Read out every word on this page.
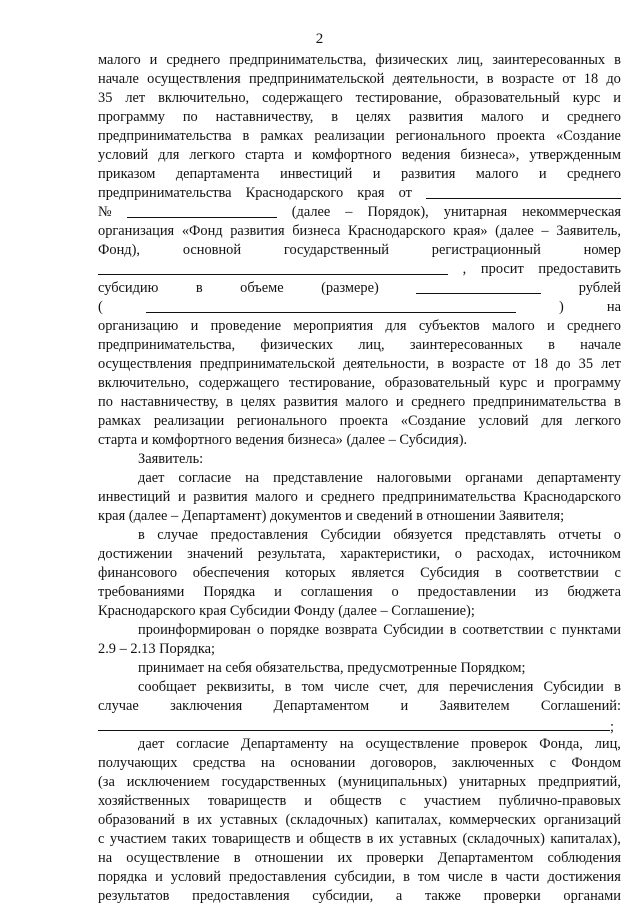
2
малого и среднего предпринимательства, физических лиц, заинтересованных в
начале осуществления предпринимательской деятельности, в возрасте от 18 до
35 лет включительно, содержащего тестирование, образовательный курс и
программу по наставничеству, в целях развития малого и среднего
предпринимательства в рамках реализации регионального проекта «Создание
условий для легкого старта и комфортного ведения бизнеса», утвержденным
приказом департамента инвестиций и развития малого и среднего
предпринимательства Краснодарского края от
№	(далее – Порядок), унитарная некоммерческая
организация «Фонд развития бизнеса Краснодарского края» (далее – Заявитель,
Фонд),	основной	государственный	регистрационный	номер
, просит предоставить
субсидию	в	объеме	(размере)	рублей
(	)	на
организацию и проведение мероприятия для субъектов малого и среднего
предпринимательства, физических лиц, заинтересованных в начале
осуществления предпринимательской деятельности, в возрасте от 18 до 35 лет
включительно, содержащего тестирование, образовательный курс и программу
по наставничеству, в целях развития малого и среднего предпринимательства в
рамках реализации регионального проекта «Создание условий для легкого
старта и комфортного ведения бизнеса» (далее – Субсидия).
Заявитель:
дает согласие на представление налоговыми органами департаменту
инвестиций и развития малого и среднего предпринимательства Краснодарского
края (далее – Департамент) документов и сведений в отношении Заявителя;
в случае предоставления Субсидии обязуется представлять отчеты о
достижении значений результата, характеристики, о расходах, источником
финансового обеспечения которых является Субсидия в соответствии с
требованиями Порядка и соглашения о предоставлении из бюджета
Краснодарского края Субсидии Фонду (далее – Соглашение);
проинформирован о порядке возврата Субсидии в соответствии с пунктами
2.9 – 2.13 Порядка;
принимает на себя обязательства, предусмотренные Порядком;
сообщает реквизиты, в том числе счет, для перечисления Субсидии в
случае заключения Департаментом и Заявителем Соглашений:
;
дает согласие Департаменту на осуществление проверок Фонда, лиц,
получающих средства на основании договоров, заключенных с Фондом
(за исключением государственных (муниципальных) унитарных предприятий,
хозяйственных товариществ и обществ с участием публично-правовых
образований в их уставных (складочных) капиталах, коммерческих организаций
с участием таких товариществ и обществ в их уставных (складочных) капиталах),
на осуществление в отношении их проверки Департаментом соблюдения
порядка и условий предоставления субсидии, в том числе в части достижения
результатов предоставления субсидии, а также проверки органами
